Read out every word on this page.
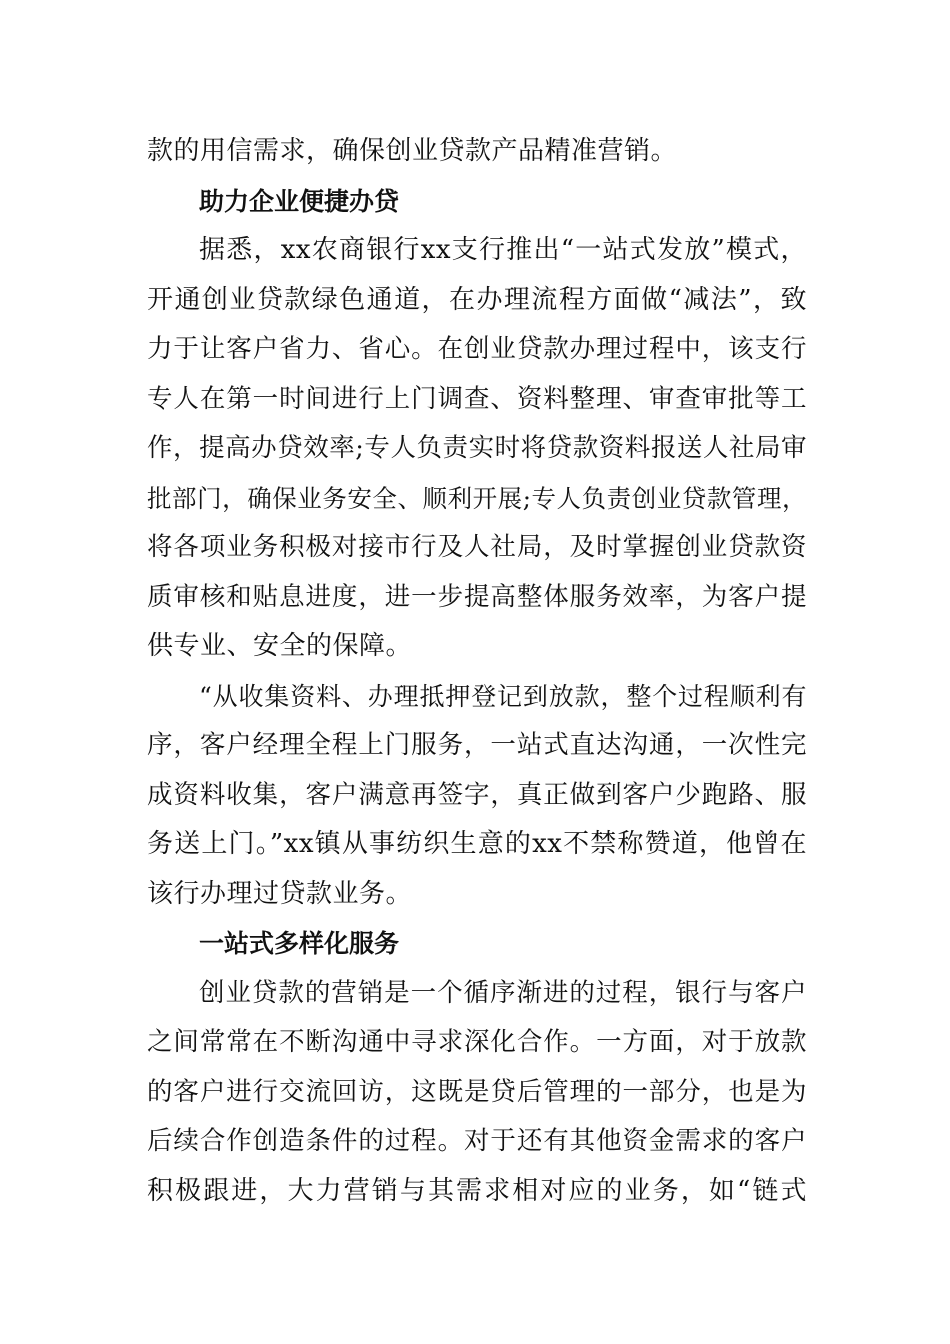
款的用信需求，确保创业贷款产品精准营销。
助力企业便捷办贷
据悉，xx农商银行xx支行推出“一站式发放”模式，
开通创业贷款绿色通道，在办理流程方面做“减法”，致
力于让客户省力、省心。在创业贷款办理过程中，该支行
专人在第一时间进行上门调查、资料整理、审查审批等工
作，提高办贷效率;专人负责实时将贷款资料报送人社局审
批部门，确保业务安全、顺利开展;专人负责创业贷款管理，
将各项业务积极对接市行及人社局，及时掌握创业贷款资
质审核和贴息进度，进一步提高整体服务效率，为客户提
供专业、安全的保障。
“从收集资料、办理抵押登记到放款，整个过程顺利有
序，客户经理全程上门服务，一站式直达沟通，一次性完
成资料收集，客户满意再签字，真正做到客户少跑路、服
务送上门。”xx镇从事纺织生意的xx不禁称赞道，他曾在
该行办理过贷款业务。
一站式多样化服务
创业贷款的营销是一个循序渐进的过程，银行与客户
之间常常在不断沟通中寻求深化合作。一方面，对于放款
的客户进行交流回访，这既是贷后管理的一部分，也是为
后续合作创造条件的过程。对于还有其他资金需求的客户
积极跟进，大力营销与其需求相对应的业务，如“链式
